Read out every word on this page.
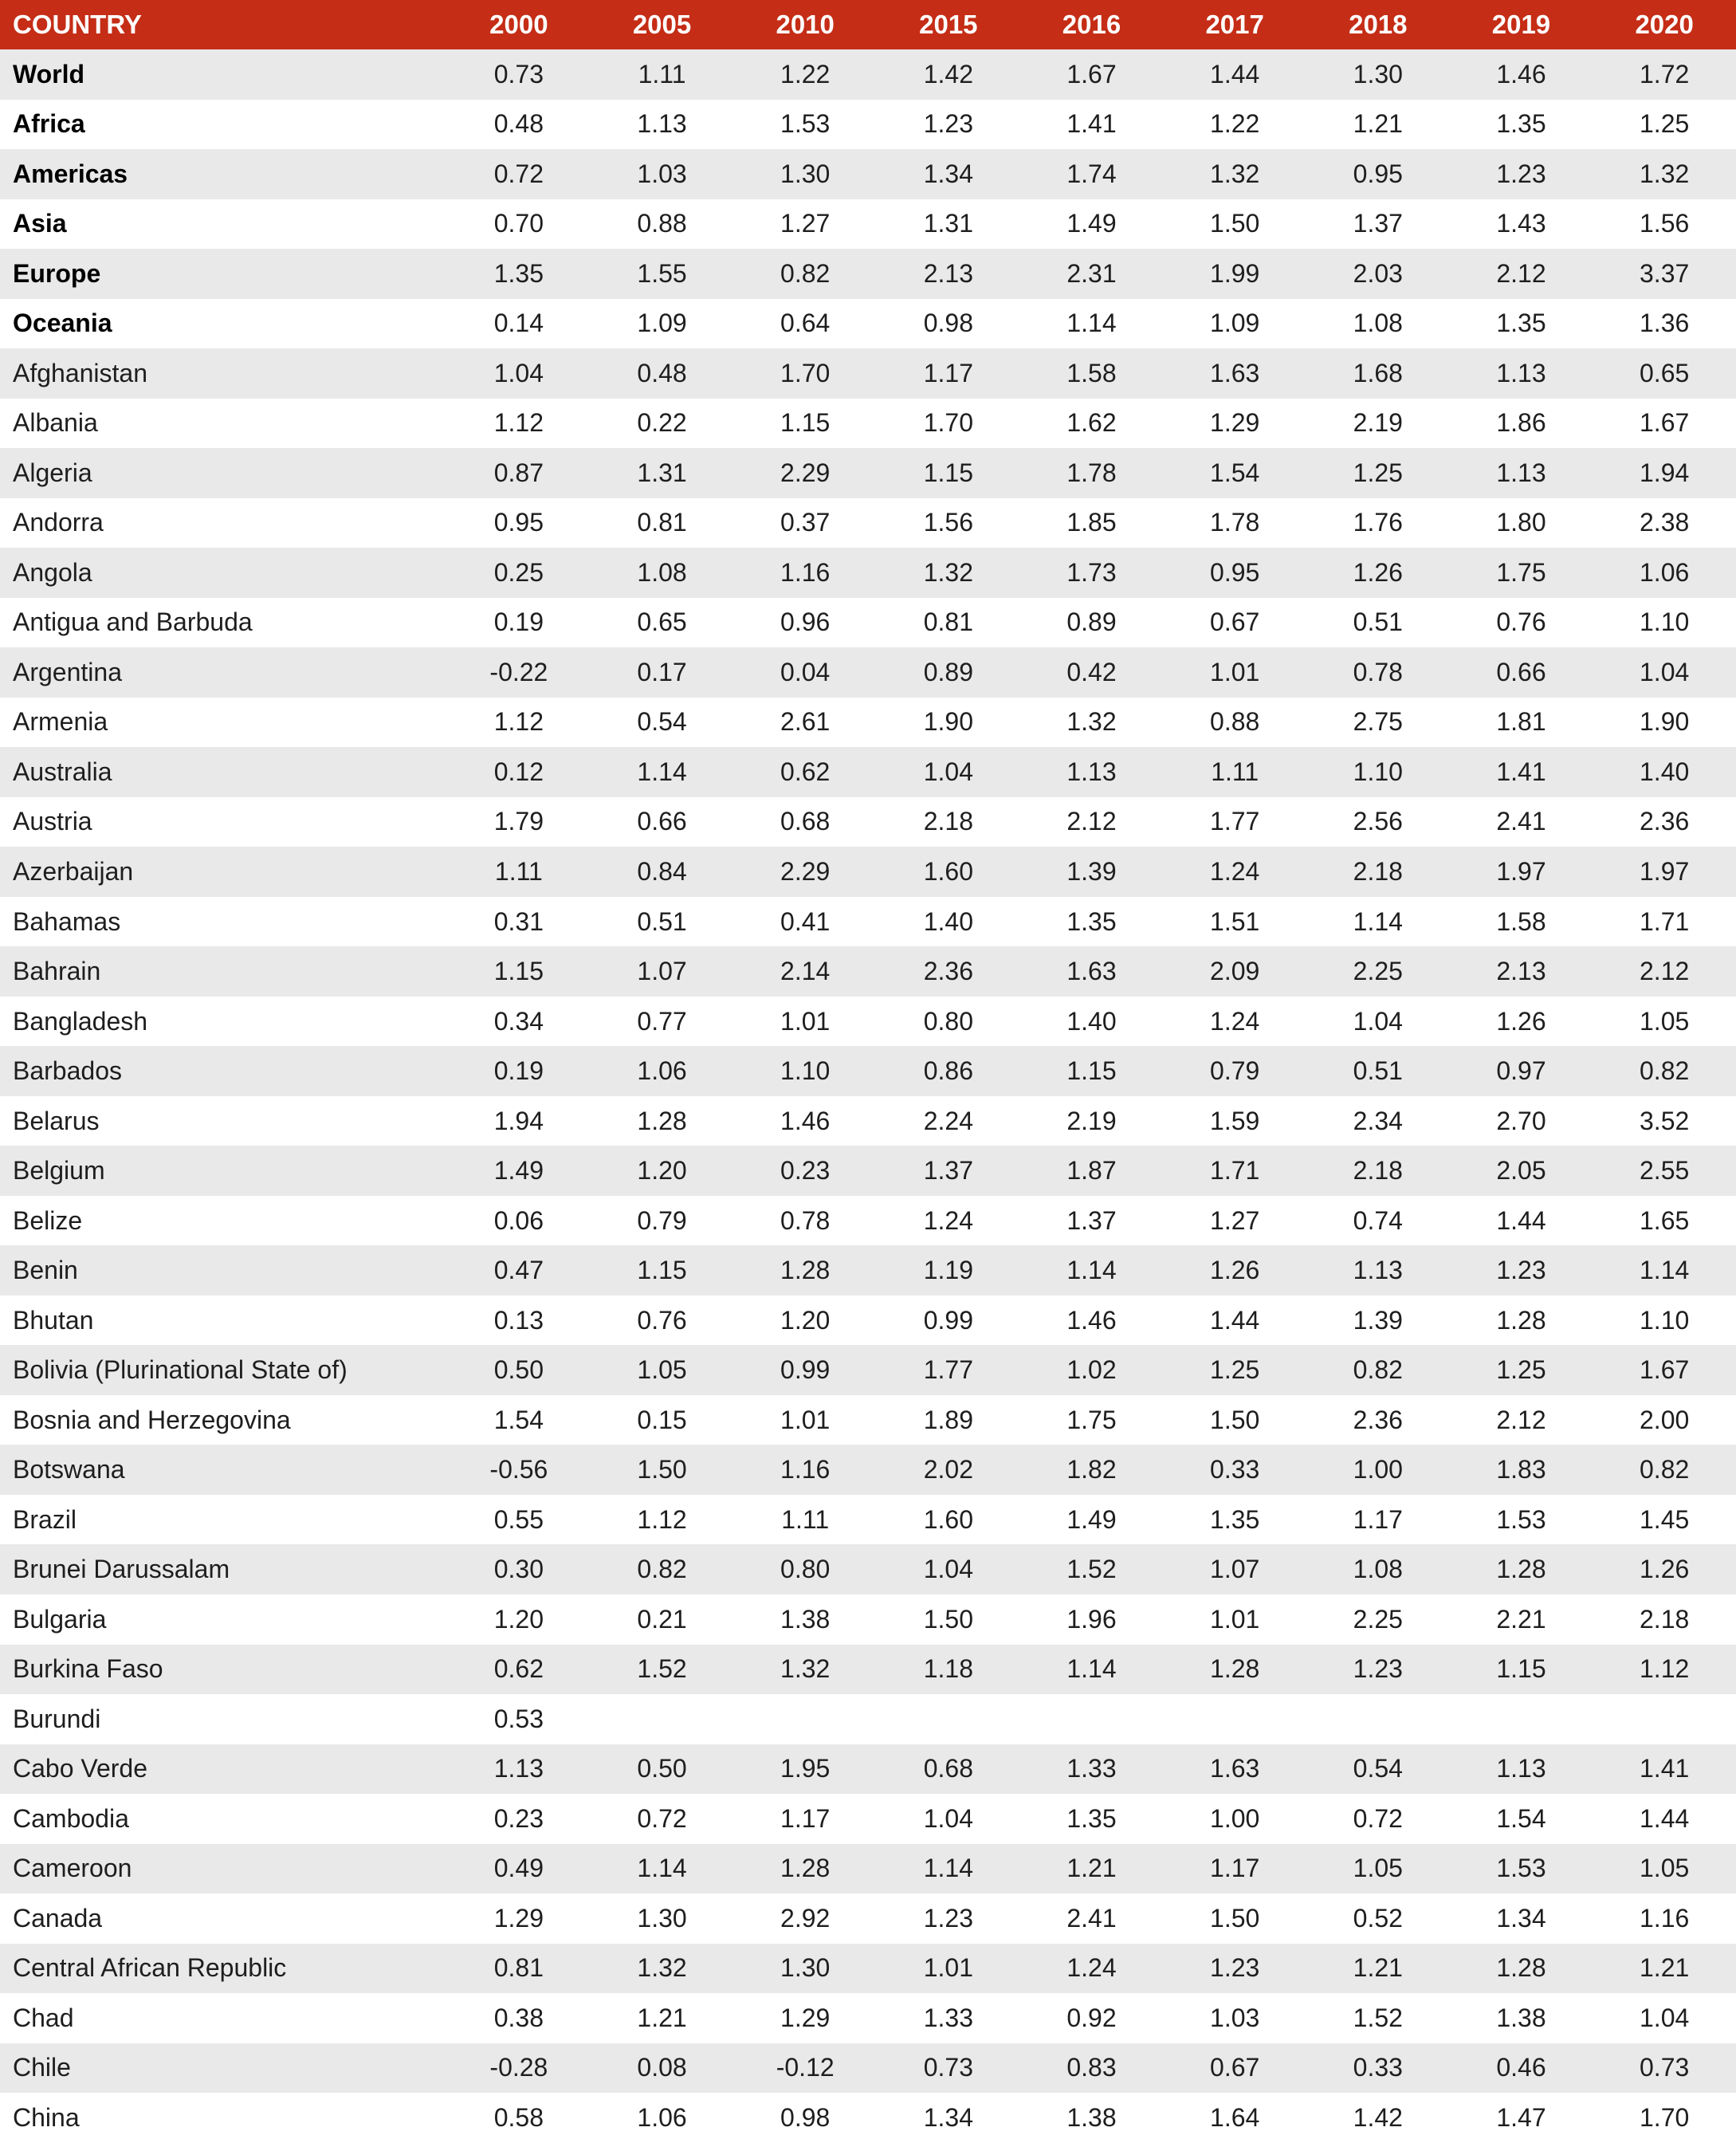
COUNTRY	2000	2005	2010	2015	2016	2017	2018	2019	2020
World	0.73	1.11	1.22	1.42	1.67	1.44	1.30	1.46	1.72
Africa	0.48	1.13	1.53	1.23	1.41	1.22	1.21	1.35	1.25
Americas	0.72	1.03	1.30	1.34	1.74	1.32	0.95	1.23	1.32
Asia	0.70	0.88	1.27	1.31	1.49	1.50	1.37	1.43	1.56
Europe	1.35	1.55	0.82	2.13	2.31	1.99	2.03	2.12	3.37
Oceania	0.14	1.09	0.64	0.98	1.14	1.09	1.08	1.35	1.36
Afghanistan	1.04	0.48	1.70	1.17	1.58	1.63	1.68	1.13	0.65
Albania	1.12	0.22	1.15	1.70	1.62	1.29	2.19	1.86	1.67
Algeria	0.87	1.31	2.29	1.15	1.78	1.54	1.25	1.13	1.94
Andorra	0.95	0.81	0.37	1.56	1.85	1.78	1.76	1.80	2.38
Angola	0.25	1.08	1.16	1.32	1.73	0.95	1.26	1.75	1.06
Antigua and Barbuda	0.19	0.65	0.96	0.81	0.89	0.67	0.51	0.76	1.10
Argentina	-0.22	0.17	0.04	0.89	0.42	1.01	0.78	0.66	1.04
Armenia	1.12	0.54	2.61	1.90	1.32	0.88	2.75	1.81	1.90
Australia	0.12	1.14	0.62	1.04	1.13	1.11	1.10	1.41	1.40
Austria	1.79	0.66	0.68	2.18	2.12	1.77	2.56	2.41	2.36
Azerbaijan	1.11	0.84	2.29	1.60	1.39	1.24	2.18	1.97	1.97
Bahamas	0.31	0.51	0.41	1.40	1.35	1.51	1.14	1.58	1.71
Bahrain	1.15	1.07	2.14	2.36	1.63	2.09	2.25	2.13	2.12
Bangladesh	0.34	0.77	1.01	0.80	1.40	1.24	1.04	1.26	1.05
Barbados	0.19	1.06	1.10	0.86	1.15	0.79	0.51	0.97	0.82
Belarus	1.94	1.28	1.46	2.24	2.19	1.59	2.34	2.70	3.52
Belgium	1.49	1.20	0.23	1.37	1.87	1.71	2.18	2.05	2.55
Belize	0.06	0.79	0.78	1.24	1.37	1.27	0.74	1.44	1.65
Benin	0.47	1.15	1.28	1.19	1.14	1.26	1.13	1.23	1.14
Bhutan	0.13	0.76	1.20	0.99	1.46	1.44	1.39	1.28	1.10
Bolivia (Plurinational State of)	0.50	1.05	0.99	1.77	1.02	1.25	0.82	1.25	1.67
Bosnia and Herzegovina	1.54	0.15	1.01	1.89	1.75	1.50	2.36	2.12	2.00
Botswana	-0.56	1.50	1.16	2.02	1.82	0.33	1.00	1.83	0.82
Brazil	0.55	1.12	1.11	1.60	1.49	1.35	1.17	1.53	1.45
Brunei Darussalam	0.30	0.82	0.80	1.04	1.52	1.07	1.08	1.28	1.26
Bulgaria	1.20	0.21	1.38	1.50	1.96	1.01	2.25	2.21	2.18
Burkina Faso	0.62	1.52	1.32	1.18	1.14	1.28	1.23	1.15	1.12
Burundi	0.53								
Cabo Verde	1.13	0.50	1.95	0.68	1.33	1.63	0.54	1.13	1.41
Cambodia	0.23	0.72	1.17	1.04	1.35	1.00	0.72	1.54	1.44
Cameroon	0.49	1.14	1.28	1.14	1.21	1.17	1.05	1.53	1.05
Canada	1.29	1.30	2.92	1.23	2.41	1.50	0.52	1.34	1.16
Central African Republic	0.81	1.32	1.30	1.01	1.24	1.23	1.21	1.28	1.21
Chad	0.38	1.21	1.29	1.33	0.92	1.03	1.52	1.38	1.04
Chile	-0.28	0.08	-0.12	0.73	0.83	0.67	0.33	0.46	0.73
China	0.58	1.06	0.98	1.34	1.38	1.64	1.42	1.47	1.70
